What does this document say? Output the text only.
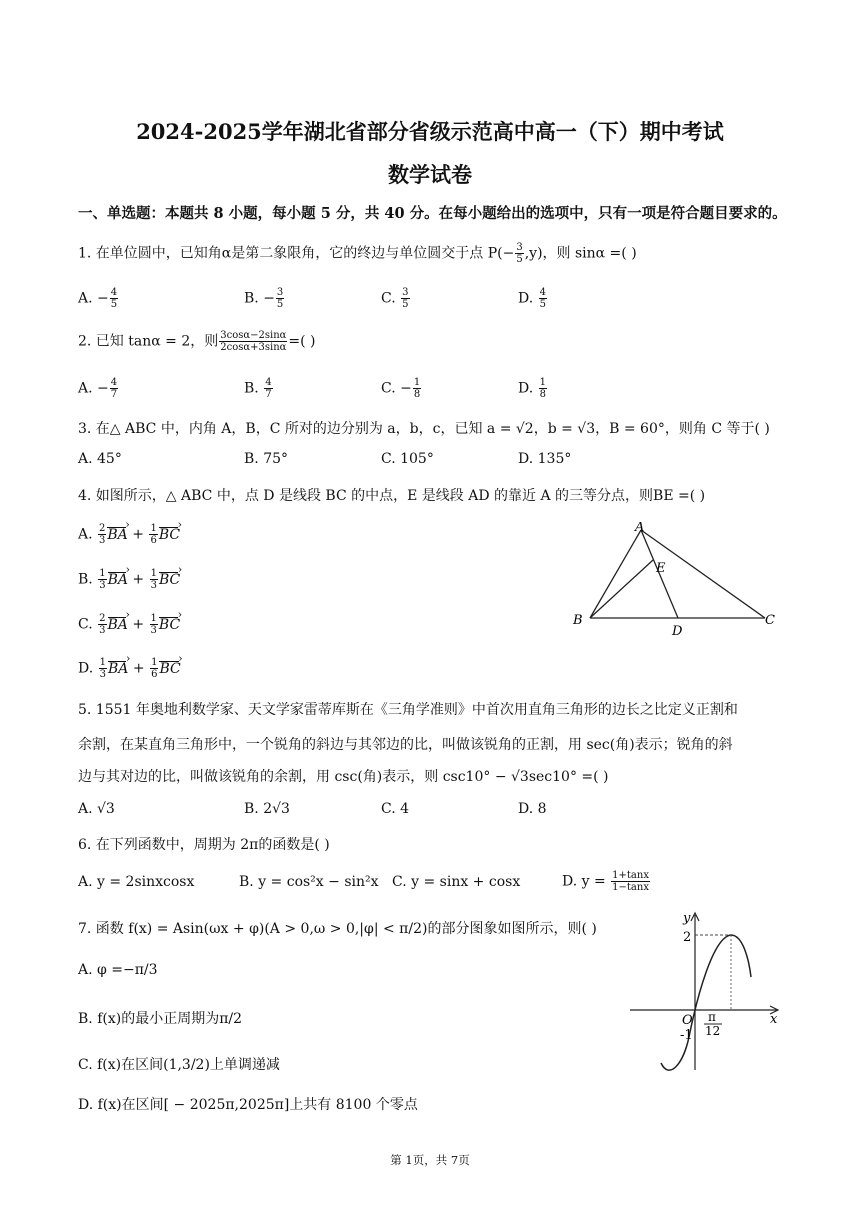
2024-2025学年湖北省部分省级示范高中高一（下）期中考试
数学试卷
一、单选题：本题共 8 小题，每小题 5 分，共 40 分。在每小题给出的选项中，只有一项是符合题目要求的。
1. 在单位圆中，已知角α是第二象限角，它的终边与单位圆交于点 $P(- \frac{3}{5} ,y)$，则 sinα =( )
A. − $\frac{4}{5}$	B. − $\frac{3}{5}$	C. $\frac{3}{5}$	D. $\frac{4}{5}$
2. 已知 tanα = 2，则 $\frac{3\cos\alpha-2\sin\alpha}{2\cos\alpha+3\sin\alpha}$ =( )
A. − $\frac{4}{7}$	B. $\frac{4}{7}$	C. − $\frac{1}{8}$	D. $\frac{1}{8}$
3. 在△ ABC 中，内角 A，B，C 所对的边分别为 a，b，c，已知 a = √2，b = √3，B = 60°，则角 C 等于( )
A. 45°	B. 75°	C. 105°	D. 135°
4. 如图所示，△ ABC 中，点 D 是线段 BC 的中点，E 是线段 AD 的靠近 A 的三等分点，则BE =( )
A. $\frac{2}{3}$ BA › + $\frac{1}{6}$ BC ›
B. $\frac{1}{3}$ BA › + $\frac{1}{3}$ BC ›
C. $\frac{2}{3}$ BA › + $\frac{1}{3}$ BC ›
D. $\frac{1}{3}$ BA › + $\frac{1}{6}$ BC ›
A
E
B
D
C
5. 1551 年奥地利数学家、天文学家雷蒂库斯在《三角学准则》中首次用直角三角形的边长之比定义正割和
余割，在某直角三角形中，一个锐角的斜边与其邻边的比，叫做该锐角的正割，用 sec(角)表示；锐角的斜
边与其对边的比，叫做该锐角的余割，用 csc(角)表示，则 csc10° − √3sec10° =( )
A. √3	B. 2√3	C. 4	D. 8
6. 在下列函数中，周期为 2π的函数是( )
A. y = 2sinxcosx	B. y = cos²x − sin²x C. y = sinx + cosx	D. $y = \frac{1+\tan x}{1-\tan x}$
7. 函数 f(x) = Asin(ωx + φ)(A > 0,ω > 0,|φ| < π/2)的部分图象如图所示，则( )
A. φ =−π/3
B. f(x)的最小正周期为π/2
C. f(x)在区间(1,3/2)上单调递减
D. f(x)在区间[ − 2025π,2025π]上共有 8100 个零点
y
2
O π
12
x
-1
第 1页，共 7页
